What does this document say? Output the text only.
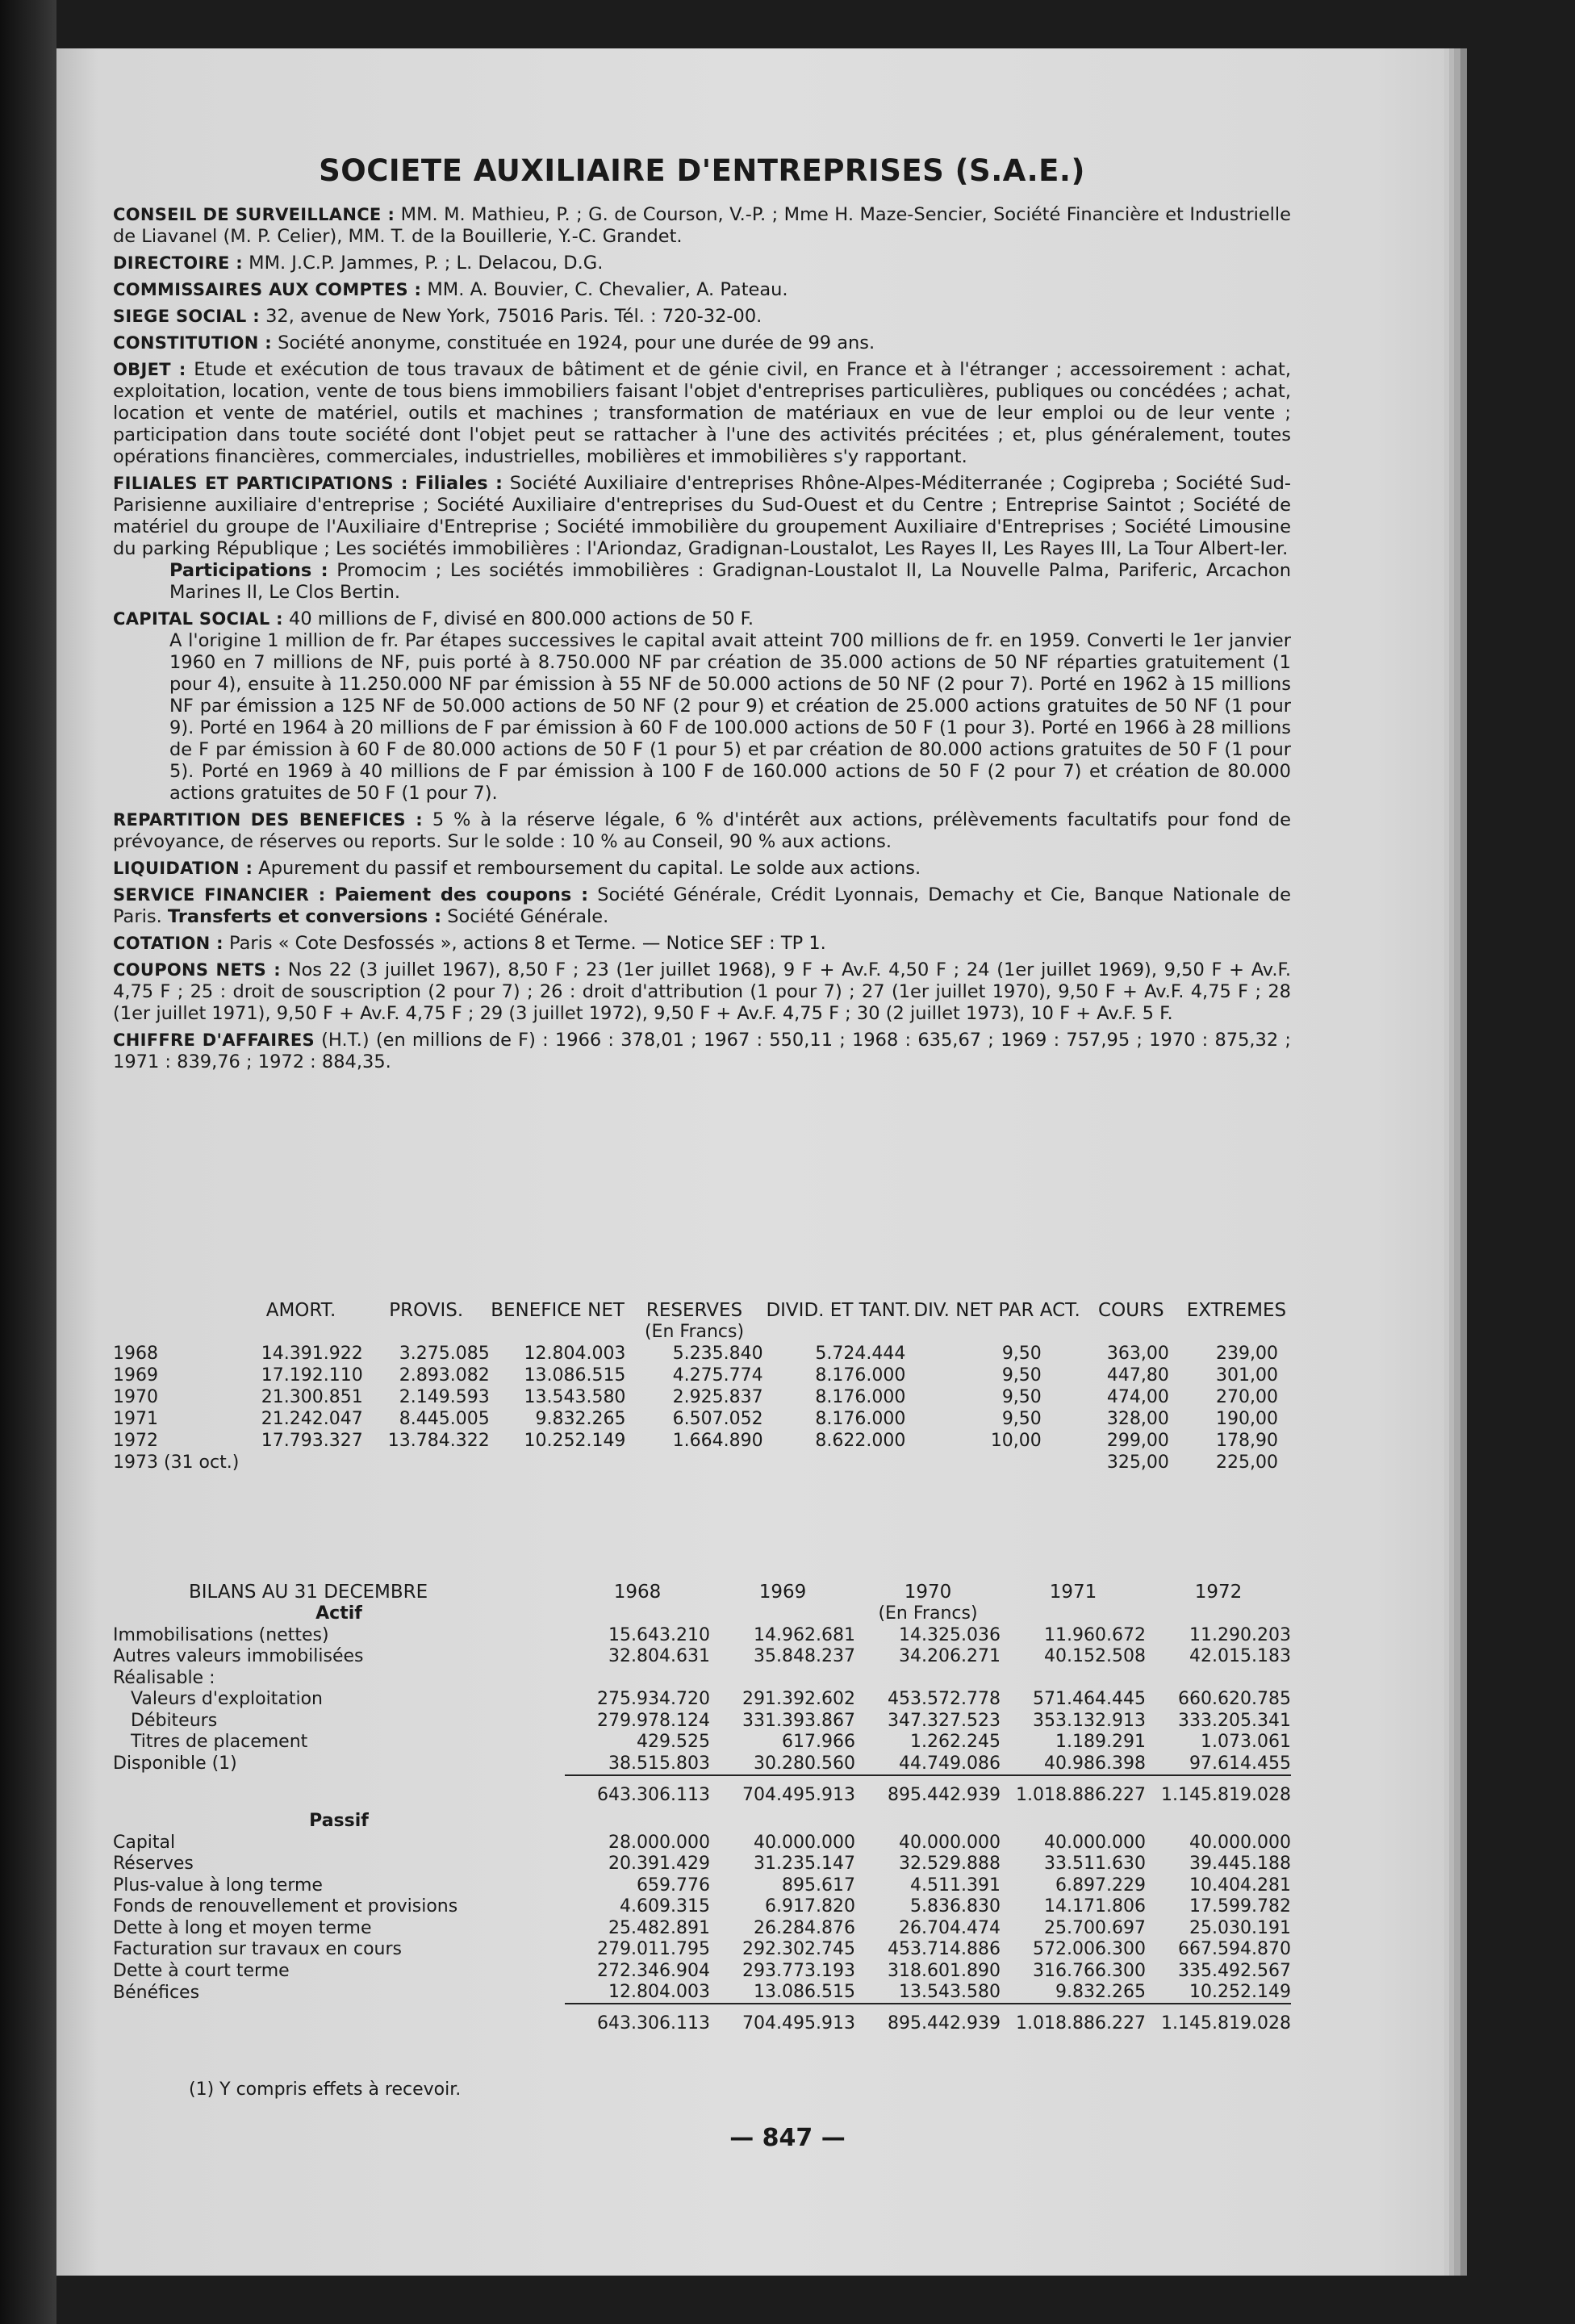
SOCIETE AUXILIAIRE D'ENTREPRISES (S.A.E.)
CONSEIL DE SURVEILLANCE : MM. M. Mathieu, P. ; G. de Courson, V.-P. ; Mme H. Maze-Sencier, Société Financière et Industrielle de Liavanel (M. P. Celier), MM. T. de la Bouillerie, Y.-C. Grandet.
DIRECTOIRE : MM. J.C.P. Jammes, P. ; L. Delacou, D.G.
COMMISSAIRES AUX COMPTES : MM. A. Bouvier, C. Chevalier, A. Pateau.
SIEGE SOCIAL : 32, avenue de New York, 75016 Paris. Tél. : 720-32-00.
CONSTITUTION : Société anonyme, constituée en 1924, pour une durée de 99 ans.
OBJET : Etude et exécution de tous travaux de bâtiment et de génie civil, en France et à l'étranger ; accessoirement : achat, exploitation, location, vente de tous biens immobiliers faisant l'objet d'entreprises particulières, publiques ou concédées ; achat, location et vente de matériel, outils et machines ; transformation de matériaux en vue de leur emploi ou de leur vente ; participation dans toute société dont l'objet peut se rattacher à l'une des activités précitées ; et, plus généralement, toutes opérations financières, commerciales, industrielles, mobilières et immobilières s'y rapportant.

FILIALES ET PARTICIPATIONS : Filiales : Société Auxiliaire d'entreprises Rhône-Alpes-Méditerranée ; Cogipreba ; Société Sud-Parisienne auxiliaire d'entreprise ; Société Auxiliaire d'entreprises du Sud-Ouest et du Centre ; Entreprise Saintot ; Société de matériel du groupe de l'Auxiliaire d'Entreprise ; Société immobilière du groupement Auxiliaire d'Entreprises ; Société Limousine du parking République ; Les sociétés immobilières : l'Ariondaz, Gradignan-Loustalot, Les Rayes II, Les Rayes III, La Tour Albert-Ier.

Participations : Promocim ; Les sociétés immobilières : Gradignan-Loustalot II, La Nouvelle Palma, Pariferic, Arcachon Marines II, Le Clos Bertin.

CAPITAL SOCIAL : 40 millions de F, divisé en 800.000 actions de 50 F.

A l'origine 1 million de fr. Par étapes successives le capital avait atteint 700 millions de fr. en 1959. Converti le 1er janvier 1960 en 7 millions de NF, puis porté à 8.750.000 NF par création de 35.000 actions de 50 NF réparties gratuitement (1 pour 4), ensuite à 11.250.000 NF par émission à 55 NF de 50.000 actions de 50 NF (2 pour 7). Porté en 1962 à 15 millions NF par émission a 125 NF de 50.000 actions de 50 NF (2 pour 9) et création de 25.000 actions gratuites de 50 NF (1 pour 9). Porté en 1964 à 20 millions de F par émission à 60 F de 100.000 actions de 50 F (1 pour 3). Porté en 1966 à 28 millions de F par émission à 60 F de 80.000 actions de 50 F (1 pour 5) et par création de 80.000 actions gratuites de 50 F (1 pour 5). Porté en 1969 à 40 millions de F par émission à 100 F de 160.000 actions de 50 F (2 pour 7) et création de 80.000 actions gratuites de 50 F (1 pour 7).

REPARTITION DES BENEFICES : 5 % à la réserve légale, 6 % d'intérêt aux actions, prélèvements facultatifs pour fond de prévoyance, de réserves ou reports. Sur le solde : 10 % au Conseil, 90 % aux actions.
LIQUIDATION : Apurement du passif et remboursement du capital. Le solde aux actions.
SERVICE FINANCIER : Paiement des coupons : Société Générale, Crédit Lyonnais, Demachy et Cie, Banque Nationale de Paris. Transferts et conversions : Société Générale.
COTATION : Paris « Cote Desfossés », actions 8 et Terme. — Notice SEF : TP 1.
COUPONS NETS : Nos 22 (3 juillet 1967), 8,50 F ; 23 (1er juillet 1968), 9 F + Av.F. 4,50 F ; 24 (1er juillet 1969), 9,50 F + Av.F. 4,75 F ; 25 : droit de souscription (2 pour 7) ; 26 : droit d'attribution (1 pour 7) ; 27 (1er juillet 1970), 9,50 F + Av.F. 4,75 F ; 28 (1er juillet 1971), 9,50 F + Av.F. 4,75 F ; 29 (3 juillet 1972), 9,50 F + Av.F. 4,75 F ; 30 (2 juillet 1973), 10 F + Av.F. 5 F.
CHIFFRE D'AFFAIRES (H.T.) (en millions de F) : 1966 : 378,01 ; 1967 : 550,11 ; 1968 : 635,67 ; 1969 : 757,95 ; 1970 : 875,32 ; 1971 : 839,76 ; 1972 : 884,35.
	AMORT.	PROVIS.	BENEFICE NET	RESERVES	DIVID. ET TANT.	DIV. NET PAR ACT.	COURS	EXTREMES
				(En Francs)				
1968	14.391.922	3.275.085	12.804.003	5.235.840	5.724.444	9,50	363,00	239,00
1969	17.192.110	2.893.082	13.086.515	4.275.774	8.176.000	9,50	447,80	301,00
1970	21.300.851	2.149.593	13.543.580	2.925.837	8.176.000	9,50	474,00	270,00
1971	21.242.047	8.445.005	9.832.265	6.507.052	8.176.000	9,50	328,00	190,00
1972	17.793.327	13.784.322	10.252.149	1.664.890	8.622.000	10,00	299,00	178,90
1973 (31 oct.)							325,00	225,00
BILANS AU 31 DECEMBRE	1968	1969	1970	1971	1972
Actif			(En Francs)		
Immobilisations (nettes)	15.643.210	14.962.681	14.325.036	11.960.672	11.290.203
Autres valeurs immobilisées	32.804.631	35.848.237	34.206.271	40.152.508	42.015.183
Réalisable :					
Valeurs d'exploitation	275.934.720	291.392.602	453.572.778	571.464.445	660.620.785
Débiteurs	279.978.124	331.393.867	347.327.523	353.132.913	333.205.341
Titres de placement	429.525	617.966	1.262.245	1.189.291	1.073.061
Disponible (1)	38.515.803	30.280.560	44.749.086	40.986.398	97.614.455
	643.306.113	704.495.913	895.442.939	1.018.886.227	1.145.819.028
Passif					
Capital	28.000.000	40.000.000	40.000.000	40.000.000	40.000.000
Réserves	20.391.429	31.235.147	32.529.888	33.511.630	39.445.188
Plus-value à long terme	659.776	895.617	4.511.391	6.897.229	10.404.281
Fonds de renouvellement et provisions	4.609.315	6.917.820	5.836.830	14.171.806	17.599.782
Dette à long et moyen terme	25.482.891	26.284.876	26.704.474	25.700.697	25.030.191
Facturation sur travaux en cours	279.011.795	292.302.745	453.714.886	572.006.300	667.594.870
Dette à court terme	272.346.904	293.773.193	318.601.890	316.766.300	335.492.567
Bénéfices	12.804.003	13.086.515	13.543.580	9.832.265	10.252.149
	643.306.113	704.495.913	895.442.939	1.018.886.227	1.145.819.028
(1) Y compris effets à recevoir.
— 847 —
